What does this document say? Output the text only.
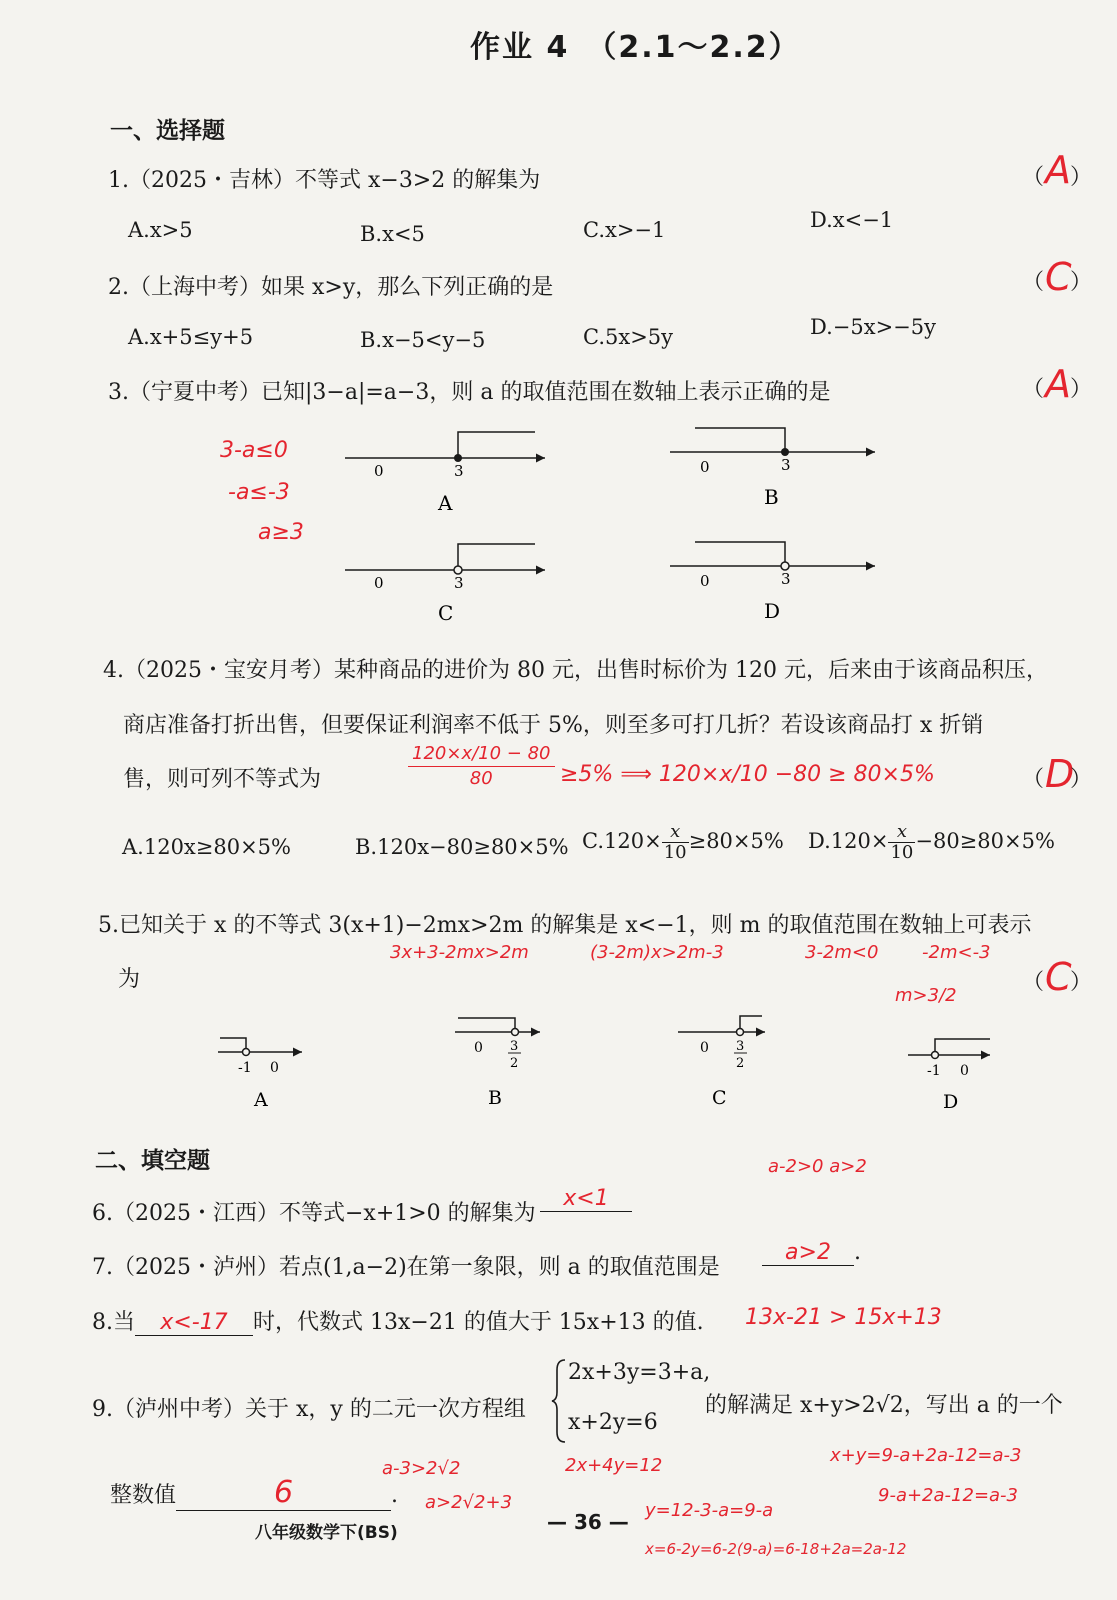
作业 4　（2.1～2.2）
一、选择题
1.（2025・吉林）不等式 x−3>2 的解集为	（ A ）
A.x>5	B.x<5	C.x>−1	D.x<−1
2.（上海中考）如果 x>y，那么下列正确的是	（ C
）
A.x+5≤y+5	B.x−5<y−5	C.5x>5y	D.−5x>−5y
3.（宁夏中考）已知|3−a|=a−3，则 a 的取值范围在数轴上表示正确的是	（ A ）
3-a≤0
-a≤-3
a≥3
0	3
A
0	3
B
0	3
C
0	3
D
4.（2025・宝安月考）某种商品的进价为 80 元，出售时标价为 120 元，后来由于该商品积压，
商店准备打折出售，但要保证利润率不低于 5%，则至多可打几折？若设该商品打 x 折销
售，则可列不等式为	$\frac{120\times x/10 - 80}{80} \ge 5\%$ ⟹ 120×x/10 −80 ≥ 80×5%	（ D
）
A.120x≥80×5%	B.120x−80≥80×5% $C.120\times \frac{x}{10} \ge 80\times 5\%$ $D.120\times \frac{x}{10} -80\ge 80\times 5\%$
5.已知关于 x 的不等式 3(x+1)−2mx>2m 的解集是 x<−1，则 m 的取值范围在数轴上可表示
为
3x+3-2mx>2m	(3-2m)x>2m-3	3-2m<0 -2m<-3
m>3/2
（ C
）
-1 0
A
0 3
2
B
0 3
2
C
-1 0
D
二、填空题	a-2>0 a>2
6.（2025・江西）不等式−x+1>0 的解集为
x<1
7.（2025・泸州）若点(1,a−2)在第一象限，则 a 的取值范围是
a>2 .
8.当 x<-17 时，代数式 13x−21 的值大于 15x+13 的值. 13x-21 > 15x+13
9.（泸州中考）关于 x，y 的二元一次方程组
2x+3y=3+a,
x+2y=6
的解满足 x+y>2√2，写出 a 的一个
整数值	6	.
a-3>2√2
a>2√2+3
2x+4y=12
y=12-3-a=9-a
x=6-2y=6-2(9-a)=6-18+2a=2a-12
x+y=9-a+2a-12=a-3
9-a+2a-12=a-3
八年级数学下(BS)	— 36 —
